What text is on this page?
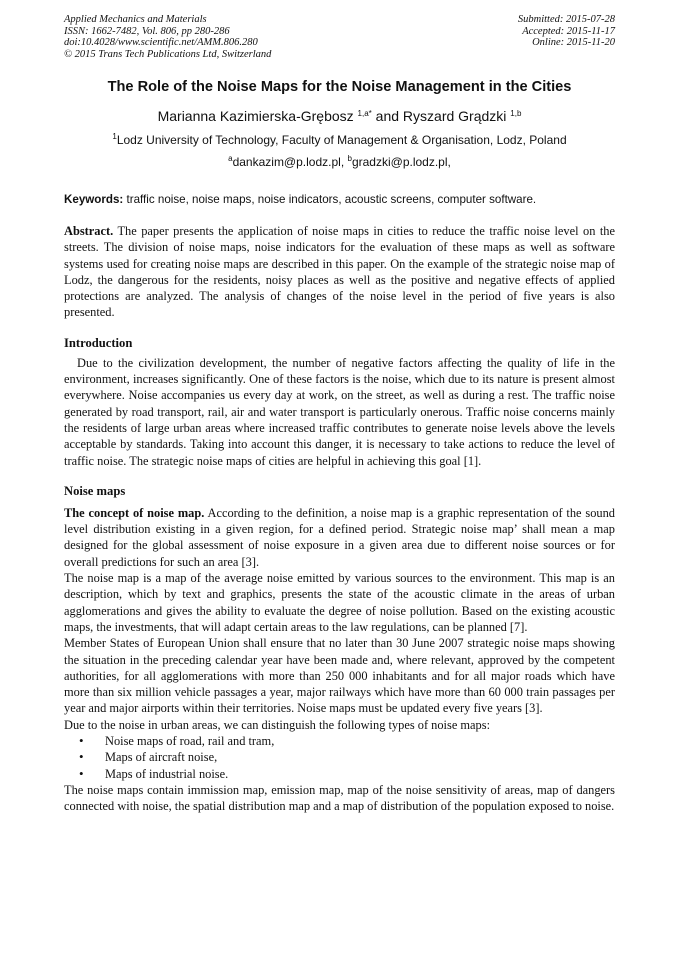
Applied Mechanics and Materials
ISSN: 1662-7482, Vol. 806, pp 280-286
doi:10.4028/www.scientific.net/AMM.806.280
© 2015 Trans Tech Publications Ltd, Switzerland
Submitted: 2015-07-28
Accepted: 2015-11-17
Online: 2015-11-20
The Role of the Noise Maps for the Noise Management in the Cities
Marianna Kazimierska-Grębosz $^{1,a*}$ and Ryszard Grądzki $^{1,b}$
$^1$Lodz University of Technology, Faculty of Management & Organisation, Lodz, Poland
$^a$dankazim@p.lodz.pl, $^b$gradzki@p.lodz.pl,
Keywords: traffic noise, noise maps, noise indicators, acoustic screens, computer software.

Abstract. The paper presents the application of noise maps in cities to reduce the traffic noise level on the streets. The division of noise maps, noise indicators for the evaluation of these maps as well as software systems used for creating noise maps are described in this paper. On the example of the strategic noise map of Lodz, the dangerous for the residents, noisy places as well as the positive and negative effects of applied protections are analyzed. The analysis of changes of the noise level in the period of five years is also presented.

Introduction

Due to the civilization development, the number of negative factors affecting the quality of life in the environment, increases significantly. One of these factors is the noise, which due to its nature is present almost everywhere. Noise accompanies us every day at work, on the street, as well as during a rest. The traffic noise generated by road transport, rail, air and water transport is particularly onerous. Traffic noise concerns mainly the residents of large urban areas where increased traffic contributes to generate noise levels above the levels acceptable by standards. Taking into account this danger, it is necessary to take actions to reduce the level of traffic noise. The strategic noise maps of cities are helpful in achieving this goal [1].

Noise maps

The concept of noise map. According to the definition, a noise map is a graphic representation of the sound level distribution existing in a given region, for a defined period. Strategic noise map’ shall mean a map designed for the global assessment of noise exposure in a given area due to different noise sources or for overall predictions for such an area [3].

The noise map is a map of the average noise emitted by various sources to the environment. This map is an description, which by text and graphics, presents the state of the acoustic climate in the areas of urban agglomerations and gives the ability to evaluate the degree of noise pollution. Based on the existing acoustic maps, the investments, that will adapt certain areas to the law regulations, can be planned [7].

Member States of European Union shall ensure that no later than 30 June 2007 strategic noise maps showing the situation in the preceding calendar year have been made and, where relevant, approved by the competent authorities, for all agglomerations with more than 250 000 inhabitants and for all major roads which have more than six million vehicle passages a year, major railways which have more than 60 000 train passages per year and major airports within their territories. Noise maps must be updated every five years [3].

Due to the noise in urban areas, we can distinguish the following types of noise maps:

• Noise maps of road, rail and tram,
• Maps of aircraft noise,
• Maps of industrial noise.

The noise maps contain immission map, emission map, map of the noise sensitivity of areas, map of dangers connected with noise, the spatial distribution map and a map of distribution of the population exposed to noise.
